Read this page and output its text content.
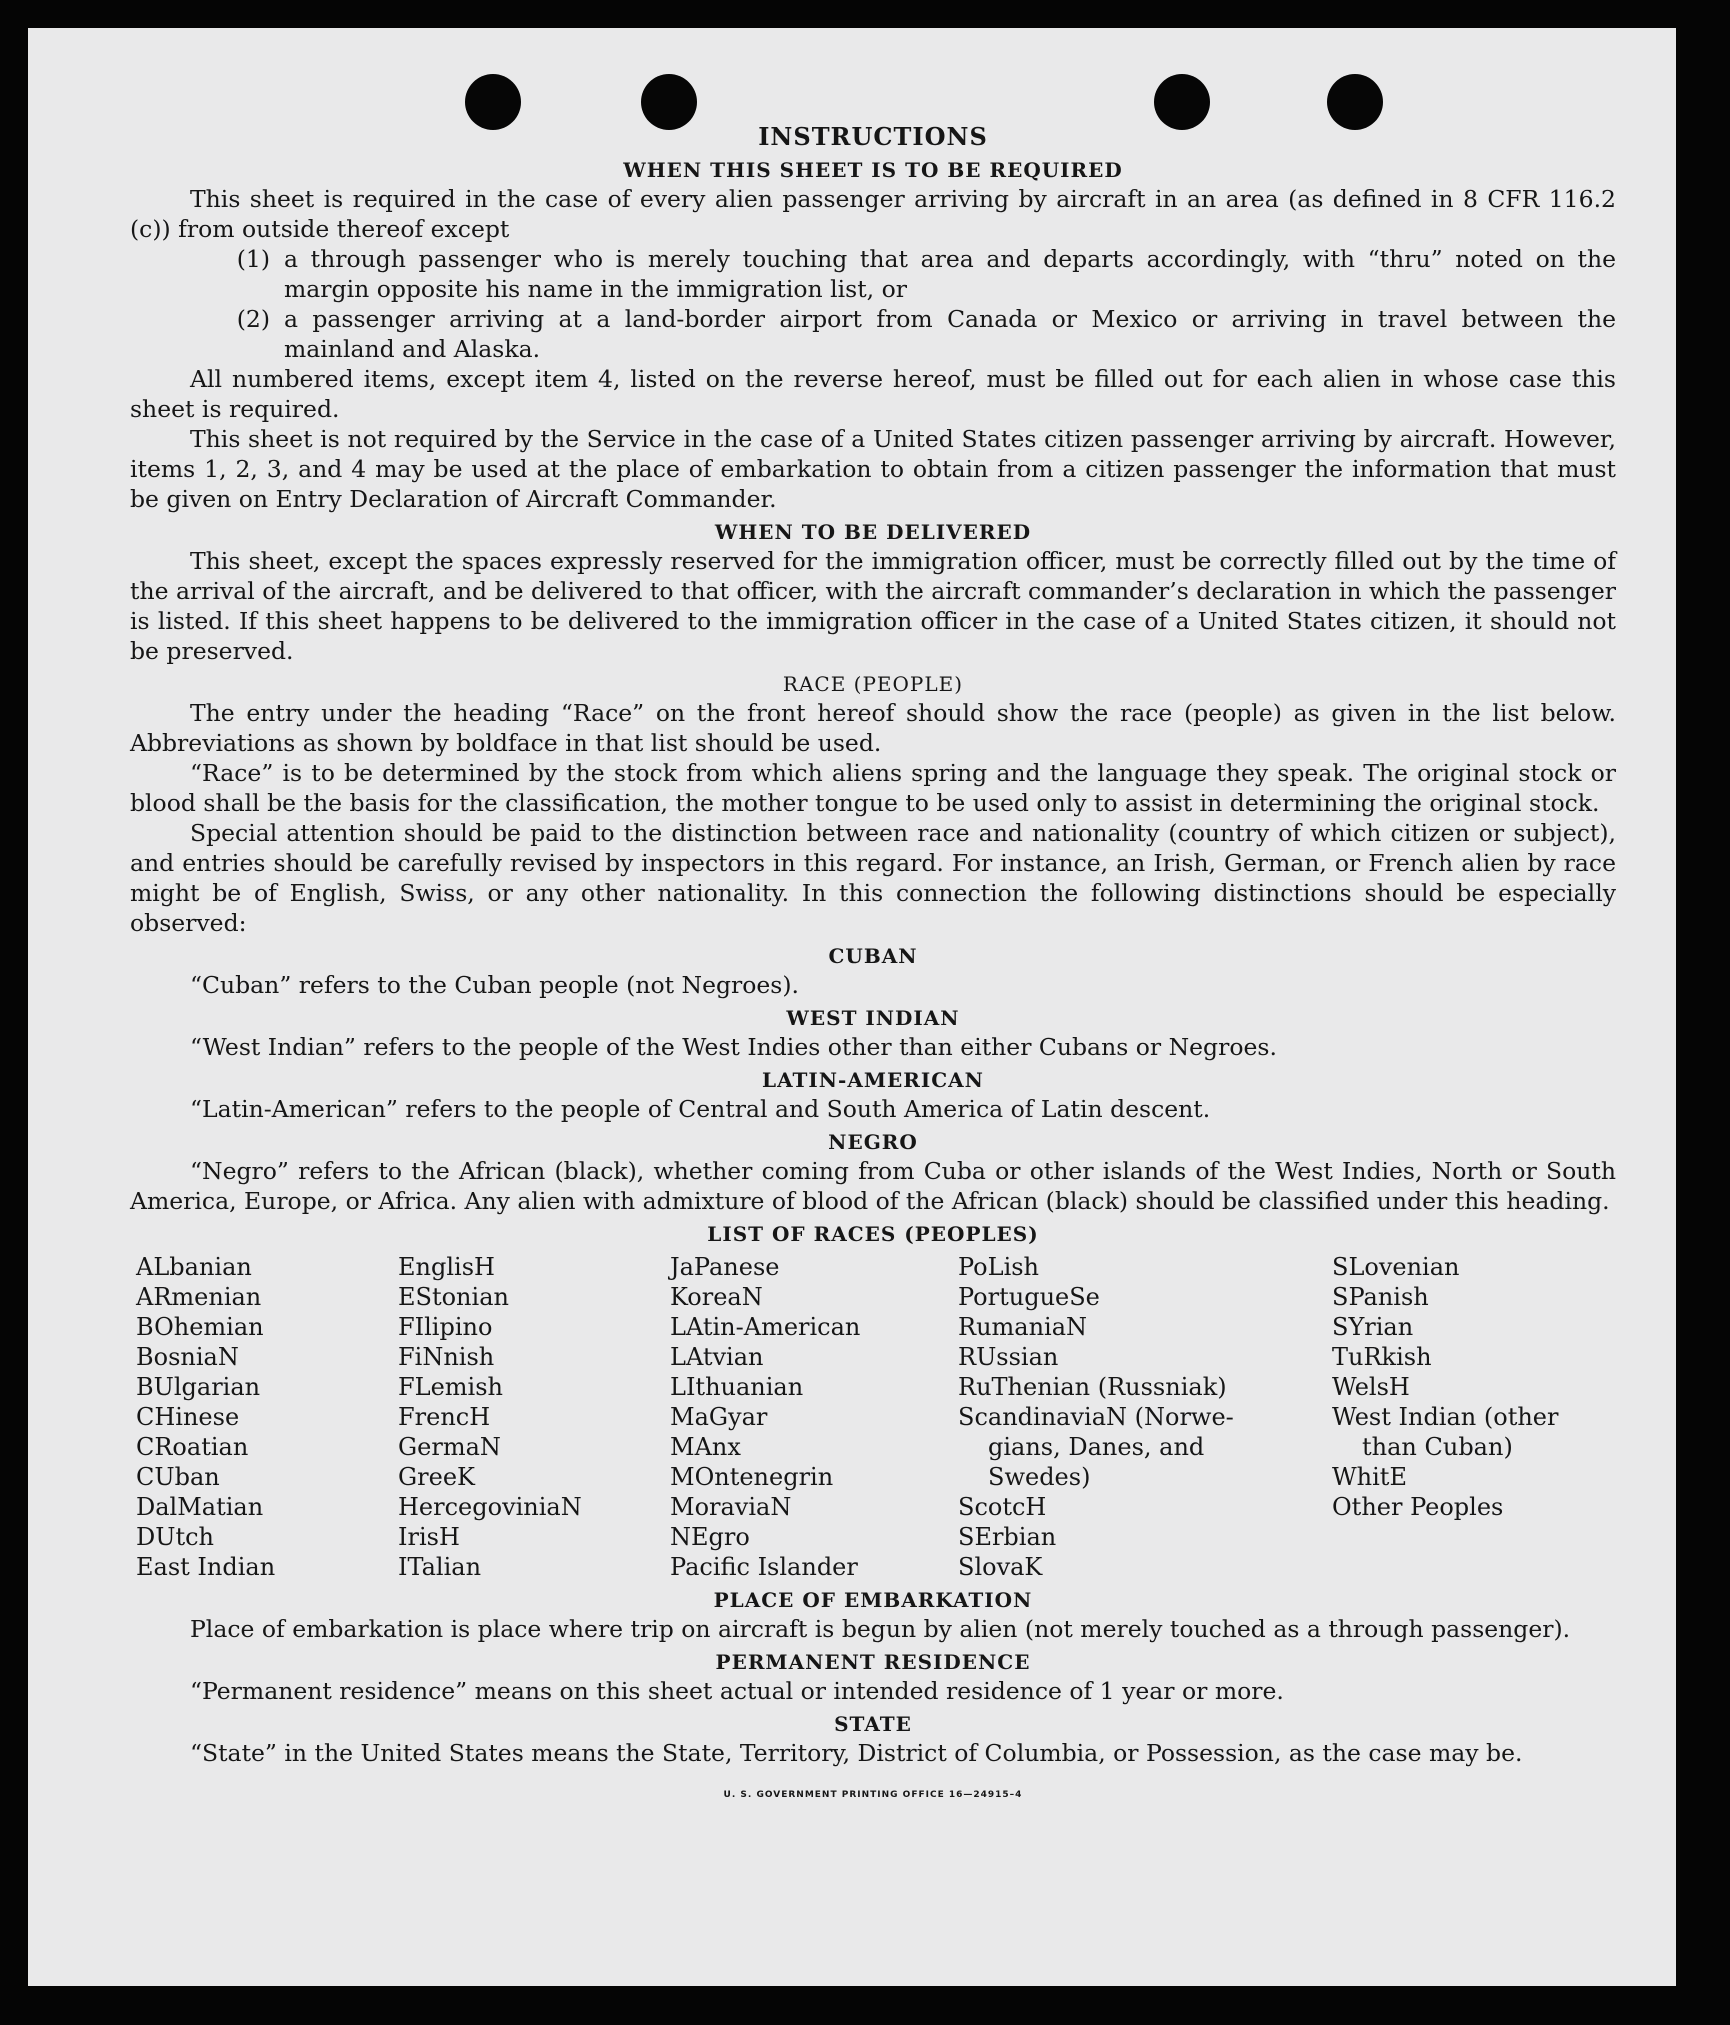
INSTRUCTIONS
WHEN THIS SHEET IS TO BE REQUIRED

This sheet is required in the case of every alien passenger arriving by aircraft in an area (as defined in 8 CFR 116.2 (c)) from outside thereof except

(1) a through passenger who is merely touching that area and departs accordingly, with “thru” noted on the margin opposite his name in the immigration list, or
(2) a passenger arriving at a land-border airport from Canada or Mexico or arriving in travel between the mainland and Alaska.

All numbered items, except item 4, listed on the reverse hereof, must be filled out for each alien in whose case this sheet is required.

This sheet is not required by the Service in the case of a United States citizen passenger arriving by aircraft. However, items 1, 2, 3, and 4 may be used at the place of embarkation to obtain from a citizen passenger the information that must be given on Entry Declaration of Aircraft Commander.

WHEN TO BE DELIVERED

This sheet, except the spaces expressly reserved for the immigration officer, must be correctly filled out by the time of the arrival of the aircraft, and be delivered to that officer, with the aircraft commander’s declaration in which the passenger is listed. If this sheet happens to be delivered to the immigration officer in the case of a United States citizen, it should not be preserved.

RACE (PEOPLE)

The entry under the heading “Race” on the front hereof should show the race (people) as given in the list below. Abbreviations as shown by boldface in that list should be used.

“Race” is to be determined by the stock from which aliens spring and the language they speak. The original stock or blood shall be the basis for the classification, the mother tongue to be used only to assist in determining the original stock.

Special attention should be paid to the distinction between race and nationality (country of which citizen or subject), and entries should be carefully revised by inspectors in this regard. For instance, an Irish, German, or French alien by race might be of English, Swiss, or any other nationality. In this connection the following distinctions should be especially observed:

CUBAN

“Cuban” refers to the Cuban people (not Negroes).

WEST INDIAN

“West Indian” refers to the people of the West Indies other than either Cubans or Negroes.

LATIN-AMERICAN

“Latin-American” refers to the people of Central and South America of Latin descent.

NEGRO

“Negro” refers to the African (black), whether coming from Cuba or other islands of the West Indies, North or South America, Europe, or Africa. Any alien with admixture of blood of the African (black) should be classified under this heading.

LIST OF RACES (PEOPLES)
ALbanian
ARmenian
BOhemian
BosniaN
BUlgarian
CHinese
CRoatian
CUban
DalMatian
DUtch
East Indian
EnglisH
EStonian
FIlipino
FiNnish
FLemish
FrencH
GermaN
GreeK
HercegoviniaN
IrisH
ITalian
JaPanese
KoreaN
LAtin-American
LAtvian
LIthuanian
MaGyar
MAnx
MOntenegrin
MoraviaN
NEgro
Pacific Islander
PoLish
PortugueSe
RumaniaN
RUssian
RuThenian (Russniak)
ScandinaviaN (Norwe-
gians, Danes, and
Swedes)
ScotcH
SErbian
SlovaK
SLovenian
SPanish
SYrian
TuRkish
WelsH
West Indian (other
than Cuban)
WhitE
Other Peoples
PLACE OF EMBARKATION

Place of embarkation is place where trip on aircraft is begun by alien (not merely touched as a through passenger).

PERMANENT RESIDENCE

“Permanent residence” means on this sheet actual or intended residence of 1 year or more.

STATE

“State” in the United States means the State, Territory, District of Columbia, or Possession, as the case may be.

U. S. GOVERNMENT PRINTING OFFICE 16—24915–4
